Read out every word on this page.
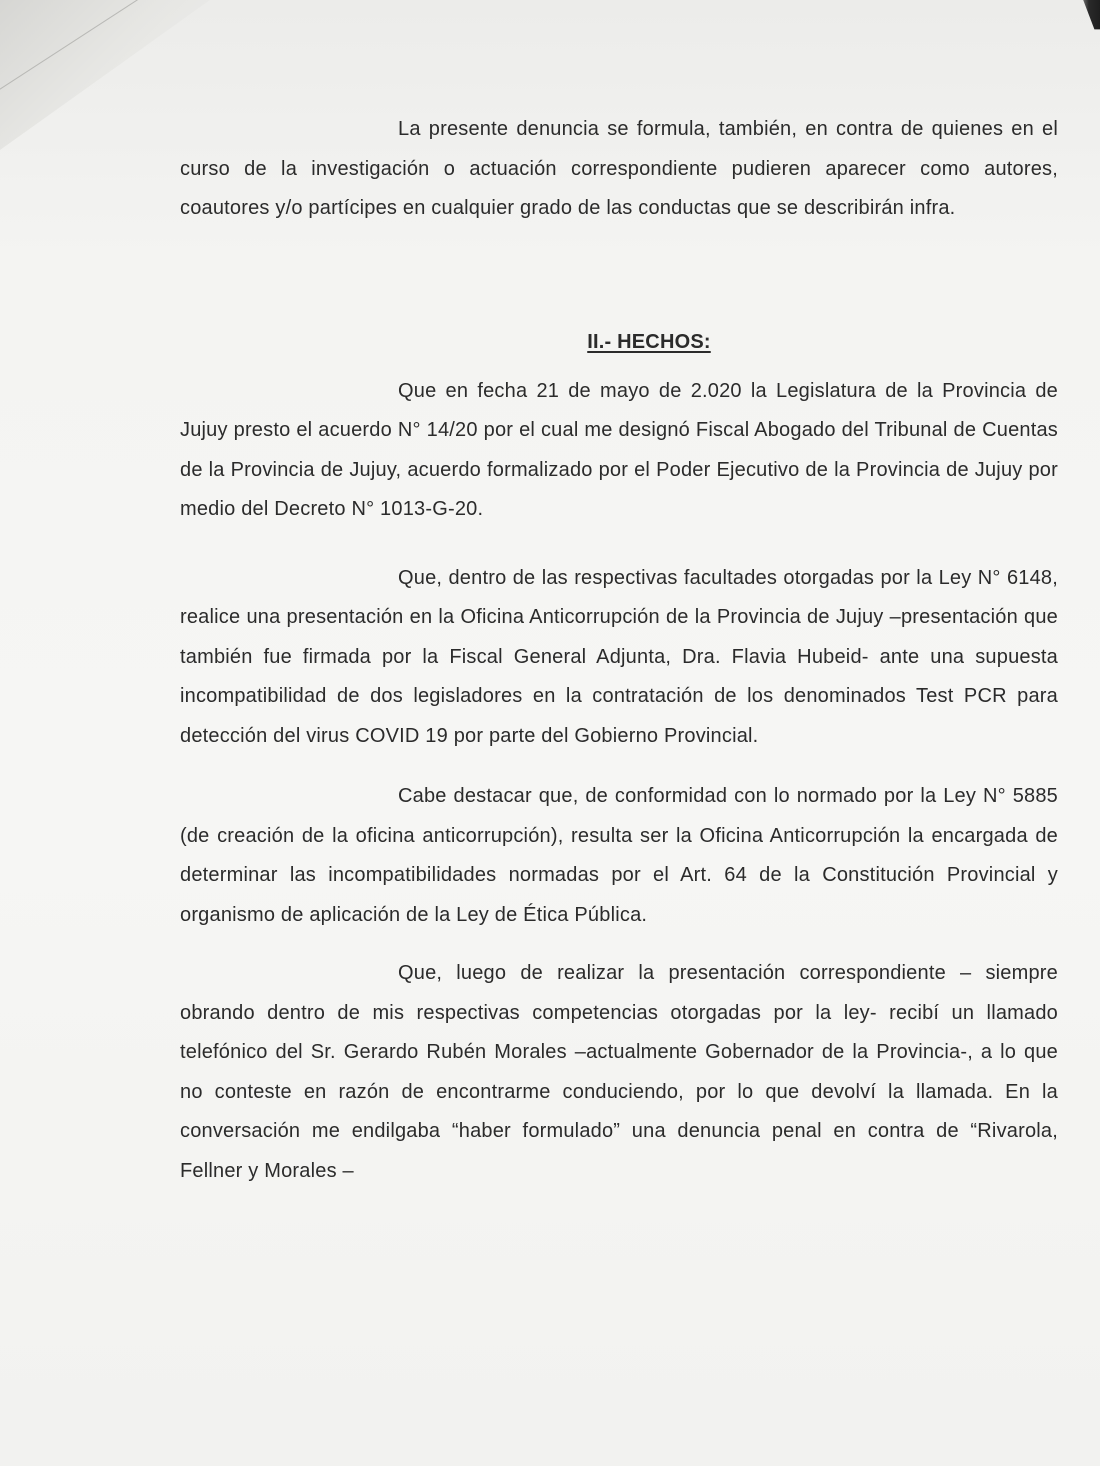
La presente denuncia se formula, también, en contra de quienes en el curso de la investigación o actuación correspondiente pudieren aparecer como autores, coautores y/o partícipes en cualquier grado de las conductas que se describirán infra.

II.- HECHOS:

Que en fecha 21 de mayo de 2.020 la Legislatura de la Provincia de Jujuy presto el acuerdo N° 14/20 por el cual me designó Fiscal Abogado del Tribunal de Cuentas de la Provincia de Jujuy, acuerdo formalizado por el Poder Ejecutivo de la Provincia de Jujuy por medio del Decreto N° 1013-G-20.

Que, dentro de las respectivas facultades otorgadas por la Ley N° 6148, realice una presentación en la Oficina Anticorrupción de la Provincia de Jujuy –presentación que también fue firmada por la Fiscal General Adjunta, Dra. Flavia Hubeid- ante una supuesta incompatibilidad de dos legisladores en la contratación de los denominados Test PCR para detección del virus COVID 19 por parte del Gobierno Provincial.

Cabe destacar que, de conformidad con lo normado por la Ley N° 5885 (de creación de la oficina anticorrupción), resulta ser la Oficina Anticorrupción la encargada de determinar las incompatibilidades normadas por el Art. 64 de la Constitución Provincial y organismo de aplicación de la Ley de Ética Pública.

Que, luego de realizar la presentación correspondiente – siempre obrando dentro de mis respectivas competencias otorgadas por la ley- recibí un llamado telefónico del Sr. Gerardo Rubén Morales –actualmente Gobernador de la Provincia-, a lo que no conteste en razón de encontrarme conduciendo, por lo que devolví la llamada. En la conversación me endilgaba “haber formulado” una denuncia penal en contra de “Rivarola, Fellner y Morales –
